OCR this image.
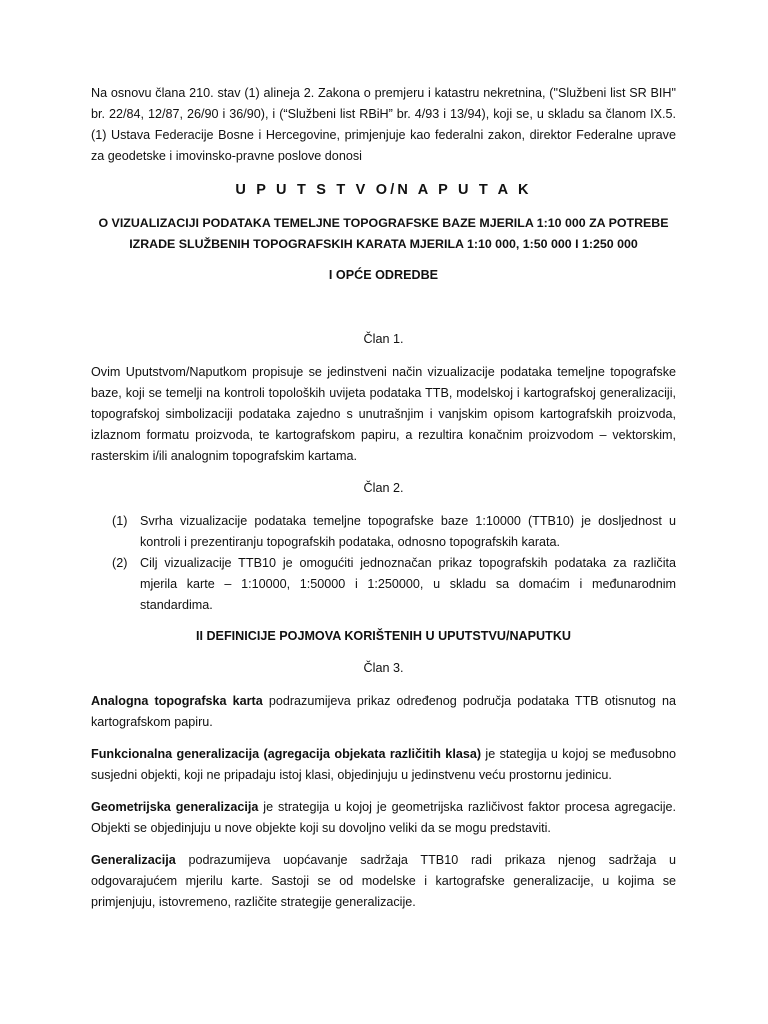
Na osnovu člana 210. stav (1) alineja 2. Zakona o premjeru i katastru nekretnina, ("Službeni list SR BIH" br. 22/84, 12/87, 26/90 i 36/90), i (“Službeni list RBiH” br. 4/93 i 13/94), koji se, u skladu sa članom IX.5. (1) Ustava Federacije Bosne i Hercegovine, primjenjuje kao federalni zakon, direktor Federalne uprave za geodetske i imovinsko-pravne poslove donosi

U P U T S T V O/N A P U T A K

O VIZUALIZACIJI PODATAKA TEMELJNE TOPOGRAFSKE BAZE MJERILA 1:10 000 ZA POTREBE
IZRADE SLUŽBENIH TOPOGRAFSKIH KARATA MJERILA 1:10 000, 1:50 000 I 1:250 000

I OPĆE ODREDBE

Član 1.

Ovim Uputstvom/Naputkom propisuje se jedinstveni način vizualizacije podataka temeljne topografske baze, koji se temelji na kontroli topoloških uvijeta podataka TTB, modelskoj i kartografskoj generalizaciji, topografskoj simbolizaciji podataka zajedno s unutrašnjim i vanjskim opisom kartografskih proizvoda, izlaznom formatu proizvoda, te kartografskom papiru, a rezultira konačnim proizvodom – vektorskim, rasterskim i/ili analognim topografskim kartama.

Član 2.

(1) Svrha vizualizacije podataka temeljne topografske baze 1:10000 (TTB10) je dosljednost u kontroli i prezentiranju topografskih podataka, odnosno topografskih karata.
(2) Cilj vizualizacije TTB10 je omogućiti jednoznačan prikaz topografskih podataka za različita mjerila karte – 1:10000, 1:50000 i 1:250000, u skladu sa domaćim i međunarodnim standardima.

II DEFINICIJE POJMOVA KORIŠTENIH U UPUTSTVU/NAPUTKU

Član 3.

Analogna topografska karta podrazumijeva prikaz određenog područja podataka TTB otisnutog na kartografskom papiru.

Funkcionalna generalizacija (agregacija objekata različitih klasa) je stategija u kojoj se međusobno susjedni objekti, koji ne pripadaju istoj klasi, objedinjuju u jedinstvenu veću prostornu jedinicu.

Geometrijska generalizacija je strategija u kojoj je geometrijska različivost faktor procesa agregacije. Objekti se objedinjuju u nove objekte koji su dovoljno veliki da se mogu predstaviti.

Generalizacija podrazumijeva uopćavanje sadržaja TTB10 radi prikaza njenog sadržaja u odgovarajućem mjerilu karte. Sastoji se od modelske i kartografske generalizacije, u kojima se primjenjuju, istovremeno, različite strategije generalizacije.
